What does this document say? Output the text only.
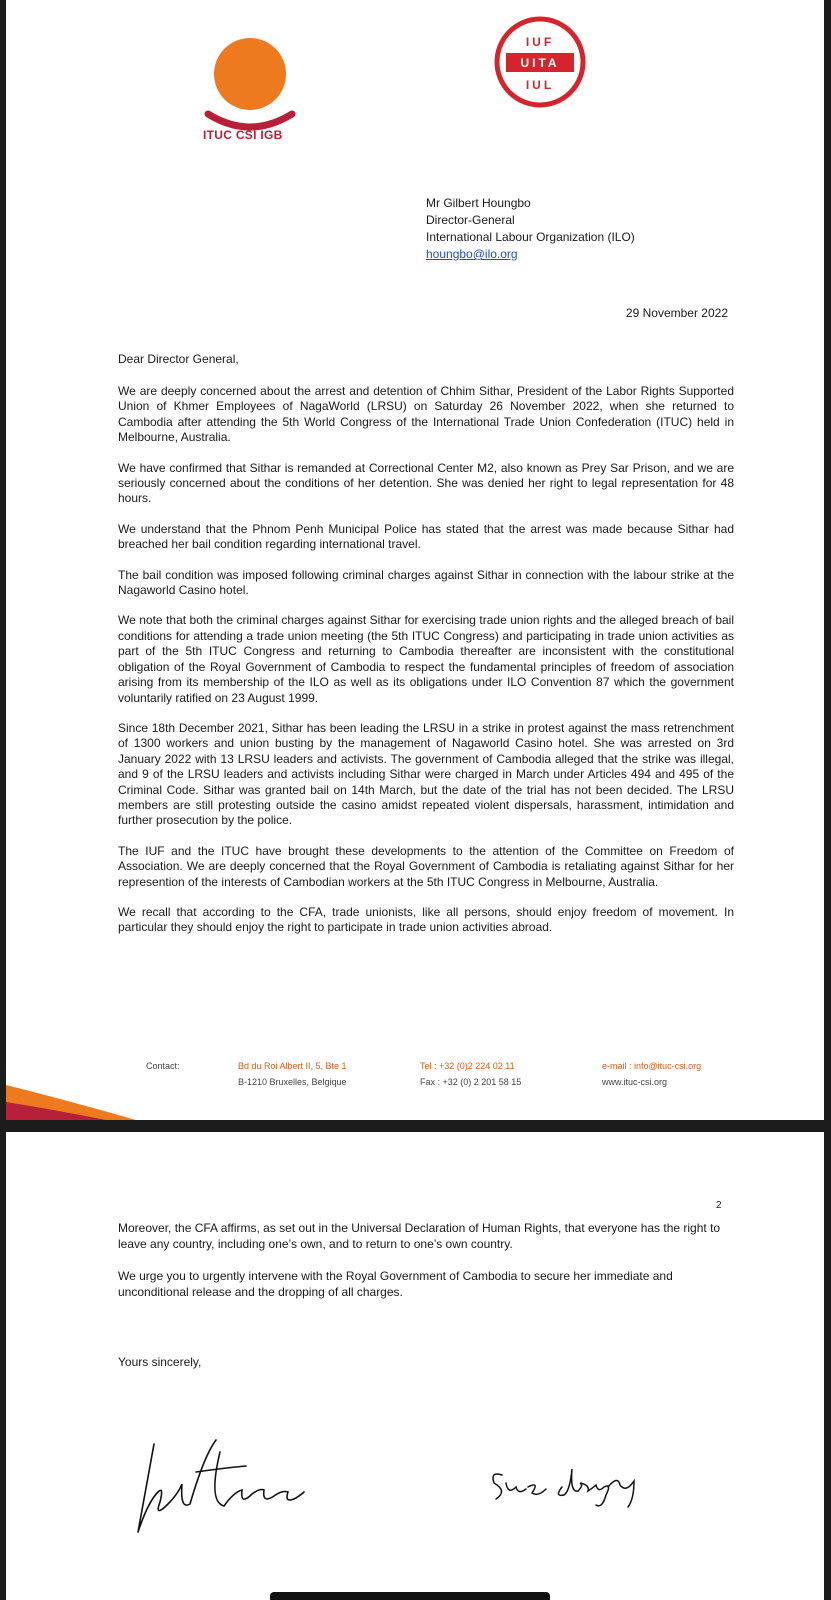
ITUC CSI IGB
IUF
UITA
IUL
Mr Gilbert Houngbo
Director-General
International Labour Organization (ILO)
houngbo@ilo.org
29 November 2022
Dear Director General,

We are deeply concerned about the arrest and detention of Chhim Sithar, President of the Labor Rights Supported Union of Khmer Employees of NagaWorld (LRSU) on Saturday 26 November 2022, when she returned to Cambodia after attending the 5th World Congress of the International Trade Union Confederation (ITUC) held in Melbourne, Australia.

We have confirmed that Sithar is remanded at Correctional Center M2, also known as Prey Sar Prison, and we are seriously concerned about the conditions of her detention. She was denied her right to legal representation for 48 hours.

We understand that the Phnom Penh Municipal Police has stated that the arrest was made because Sithar had breached her bail condition regarding international travel.

The bail condition was imposed following criminal charges against Sithar in connection with the labour strike at the Nagaworld Casino hotel.

We note that both the criminal charges against Sithar for exercising trade union rights and the alleged breach of bail conditions for attending a trade union meeting (the 5th ITUC Congress) and participating in trade union activities as part of the 5th ITUC Congress and returning to Cambodia thereafter are inconsistent with the constitutional obligation of the Royal Government of Cambodia to respect the fundamental principles of freedom of association arising from its membership of the ILO as well as its obligations under ILO Convention 87 which the government voluntarily ratified on 23 August 1999.

Since 18th December 2021, Sithar has been leading the LRSU in a strike in protest against the mass retrenchment of 1300 workers and union busting by the management of Nagaworld Casino hotel. She was arrested on 3rd January 2022 with 13 LRSU leaders and activists. The government of Cambodia alleged that the strike was illegal, and 9 of the LRSU leaders and activists including Sithar were charged in March under Articles 494 and 495 of the Criminal Code. Sithar was granted bail on 14th March, but the date of the trial has not been decided. The LRSU members are still protesting outside the casino amidst repeated violent dispersals, harassment, intimidation and further prosecution by the police.

The IUF and the ITUC have brought these developments to the attention of the Committee on Freedom of Association. We are deeply concerned that the Royal Government of Cambodia is retaliating against Sithar for her represention of the interests of Cambodian workers at the 5th ITUC Congress in Melbourne, Australia.

We recall that according to the CFA, trade unionists, like all persons, should enjoy freedom of movement. In particular they should enjoy the right to participate in trade union activities abroad.

Contact:	Bd du Roi Albert II, 5, Bte 1
B-1210 Bruxelles, Belgique
Tel : +32 (0)2 224 02 11
Fax : +32 (0) 2 201 58 15
e-mail : info@ituc-csi.org
www.ituc-csi.org
2

Moreover, the CFA affirms, as set out in the Universal Declaration of Human Rights, that everyone has the right to leave any country, including one’s own, and to return to one’s own country.

We urge you to urgently intervene with the Royal Government of Cambodia to secure her immediate and unconditional release and the dropping of all charges.

Yours sincerely,
